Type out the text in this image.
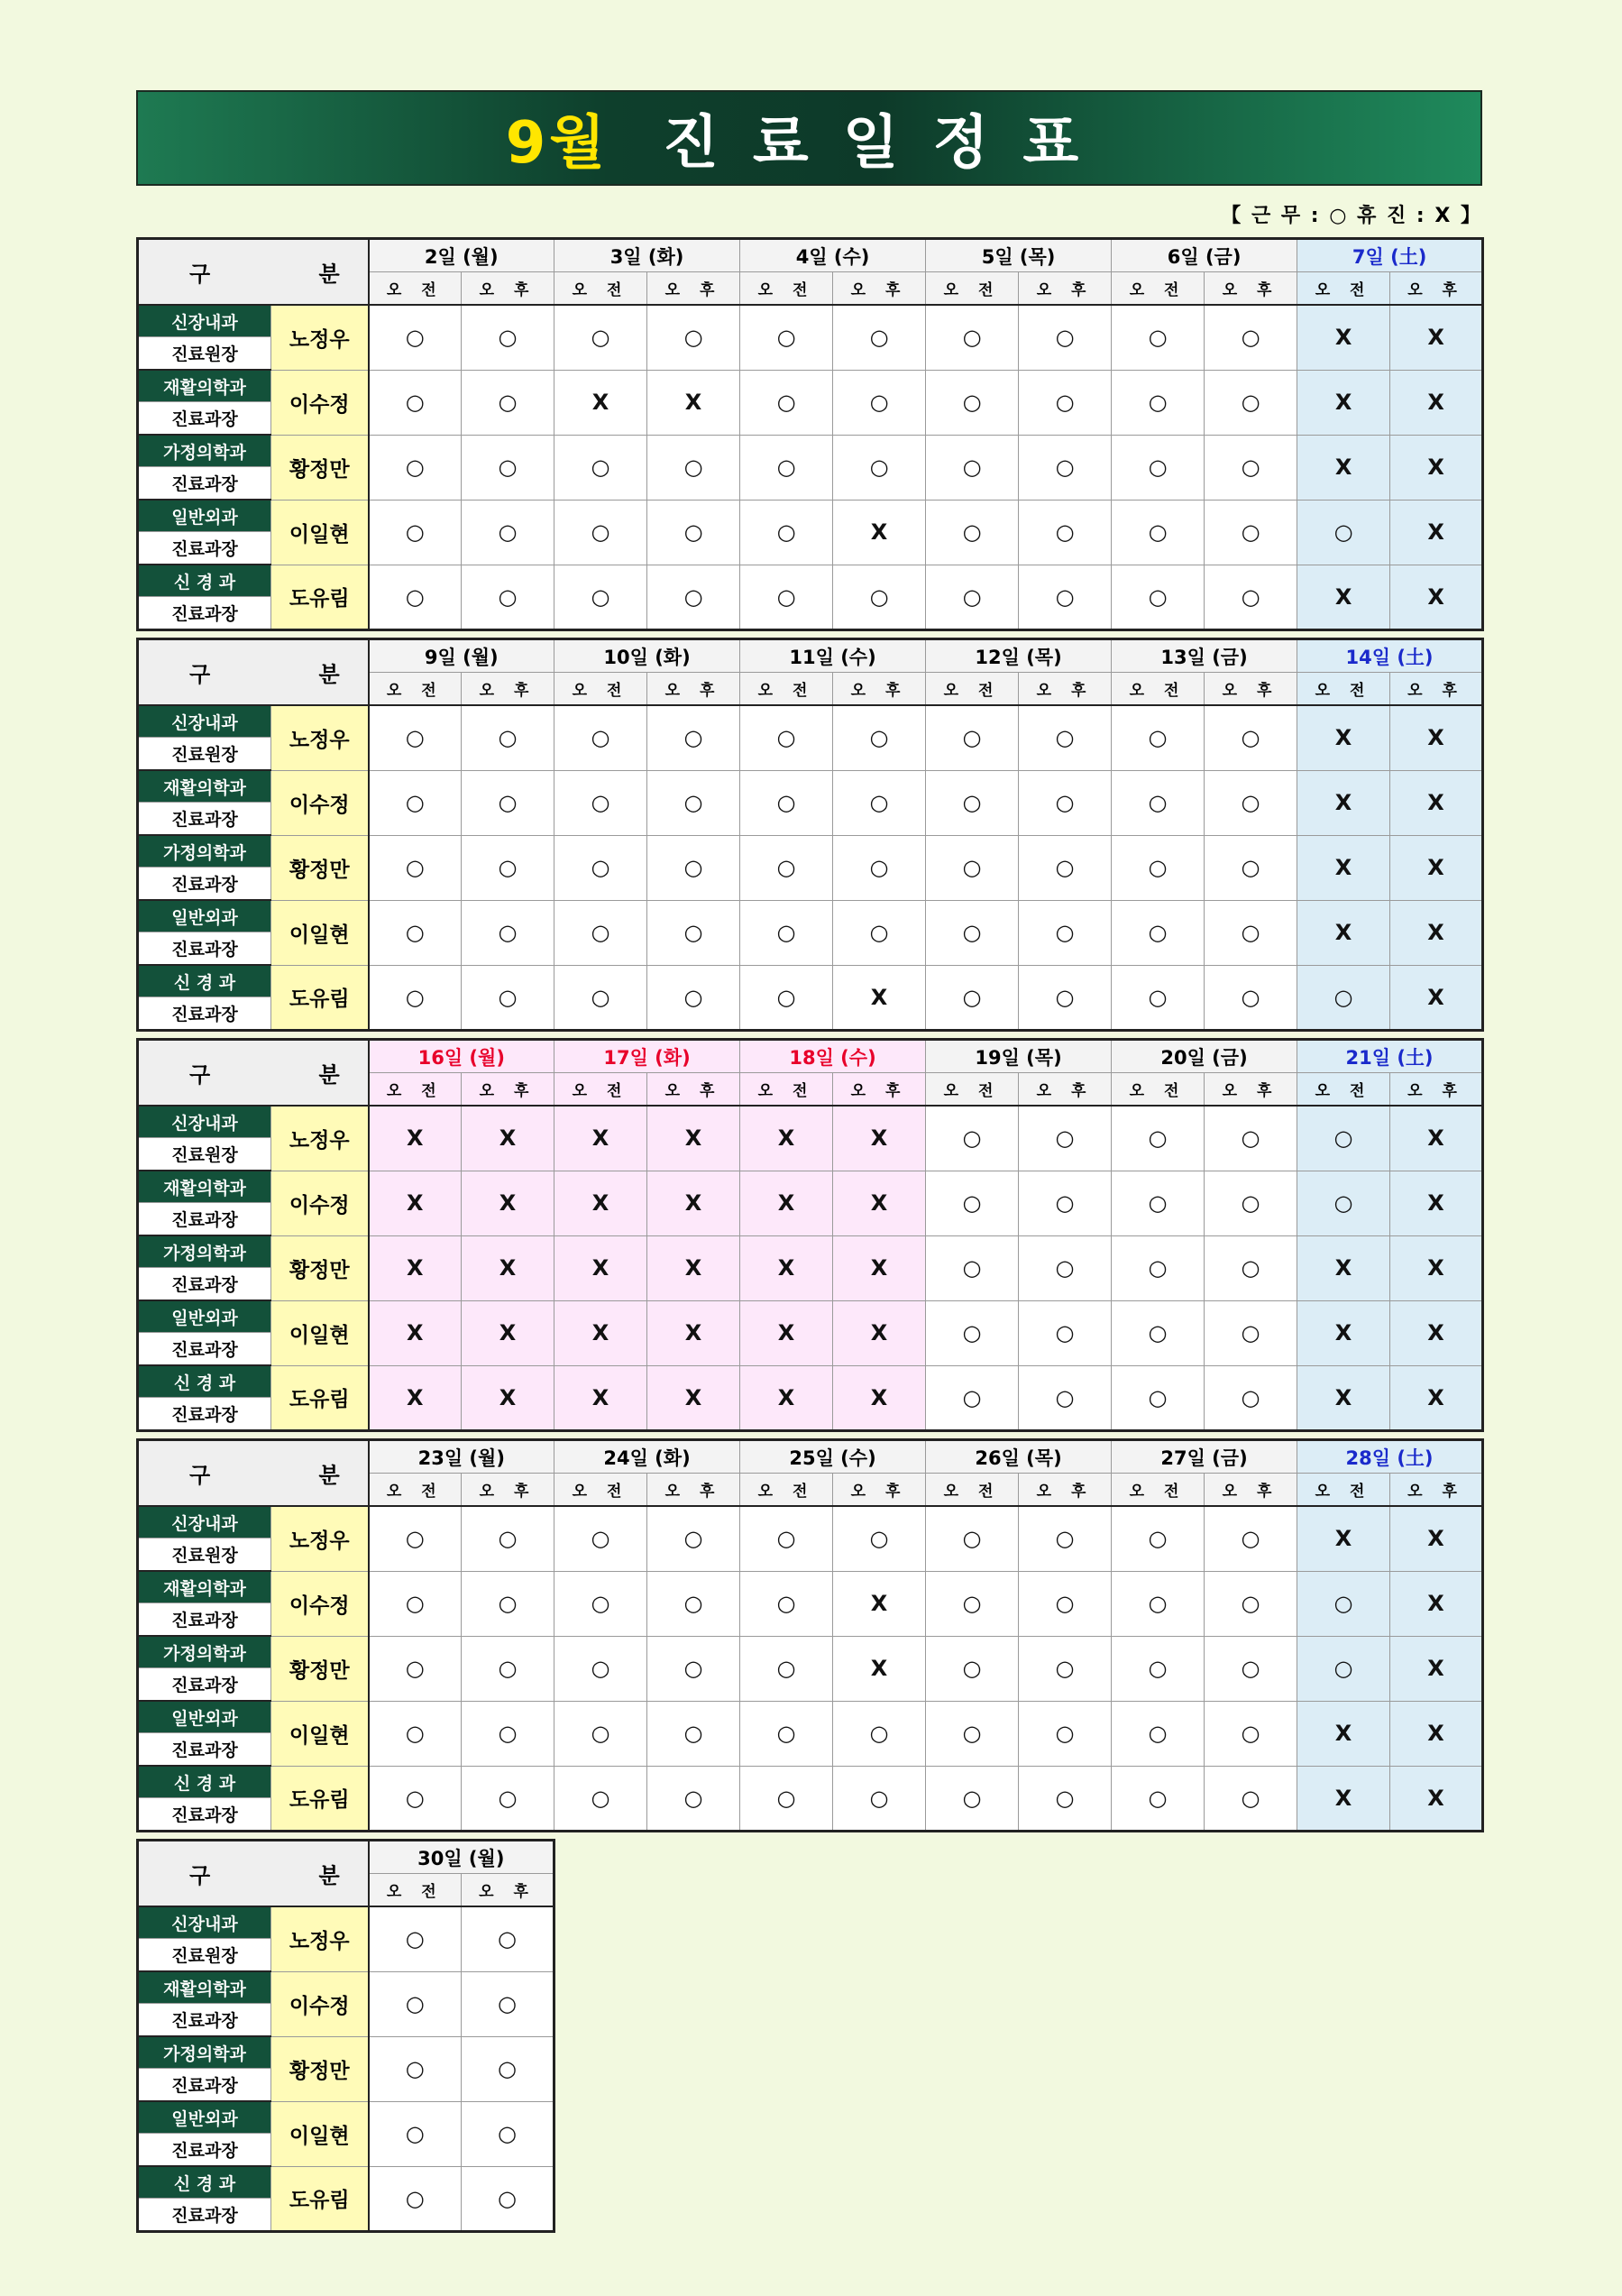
9월 진료일정표
【 근 무 : ○ 휴 진 : X 】
구 분		2일 (월)		3일 (화)		4일 (수)		5일 (목)		6일 (금)		7일 (土)	
		오 전	오 후	오 전	오 후	오 전	오 후	오 전	오 후	오 전	오 후	오 전	오 후
신장내과	노정우	○	○	○	○	○	○	○	○	○	○	X	X
진료원장													
재활의학과	이수정	○	○	X	X	○	○	○	○	○	○	X	X
진료과장													
가정의학과	황정만	○	○	○	○	○	○	○	○	○	○	X	X
진료과장													
일반외과	이일현	○	○	○	○	○	X	○	○	○	○	○	X
진료과장													
신 경 과	도유림	○	○	○	○	○	○	○	○	○	○	X	X
진료과장													
구 분		9일 (월)		10일 (화)		11일 (수)		12일 (목)		13일 (금)		14일 (土)	
		오 전	오 후	오 전	오 후	오 전	오 후	오 전	오 후	오 전	오 후	오 전	오 후
신장내과	노정우	○	○	○	○	○	○	○	○	○	○	X	X
진료원장													
재활의학과	이수정	○	○	○	○	○	○	○	○	○	○	X	X
진료과장													
가정의학과	황정만	○	○	○	○	○	○	○	○	○	○	X	X
진료과장													
일반외과	이일현	○	○	○	○	○	○	○	○	○	○	X	X
진료과장													
신 경 과	도유림	○	○	○	○	○	X	○	○	○	○	○	X
진료과장													
구 분		16일 (월)		17일 (화)		18일 (수)		19일 (목)		20일 (금)		21일 (土)	
		오 전	오 후	오 전	오 후	오 전	오 후	오 전	오 후	오 전	오 후	오 전	오 후
신장내과	노정우	X	X	X	X	X	X	○	○	○	○	○	X
진료원장													
재활의학과	이수정	X	X	X	X	X	X	○	○	○	○	○	X
진료과장													
가정의학과	황정만	X	X	X	X	X	X	○	○	○	○	X	X
진료과장													
일반외과	이일현	X	X	X	X	X	X	○	○	○	○	X	X
진료과장													
신 경 과	도유림	X	X	X	X	X	X	○	○	○	○	X	X
진료과장													
구 분		23일 (월)		24일 (화)		25일 (수)		26일 (목)		27일 (금)		28일 (土)	
		오 전	오 후	오 전	오 후	오 전	오 후	오 전	오 후	오 전	오 후	오 전	오 후
신장내과	노정우	○	○	○	○	○	○	○	○	○	○	X	X
진료원장													
재활의학과	이수정	○	○	○	○	○	X	○	○	○	○	○	X
진료과장													
가정의학과	황정만	○	○	○	○	○	X	○	○	○	○	○	X
진료과장													
일반외과	이일현	○	○	○	○	○	○	○	○	○	○	X	X
진료과장													
신 경 과	도유림	○	○	○	○	○	○	○	○	○	○	X	X
진료과장													
구 분		30일 (월)	
		오 전	오 후
신장내과	노정우	○	○
진료원장			
재활의학과	이수정	○	○
진료과장			
가정의학과	황정만	○	○
진료과장			
일반외과	이일현	○	○
진료과장			
신 경 과	도유림	○	○
진료과장			
